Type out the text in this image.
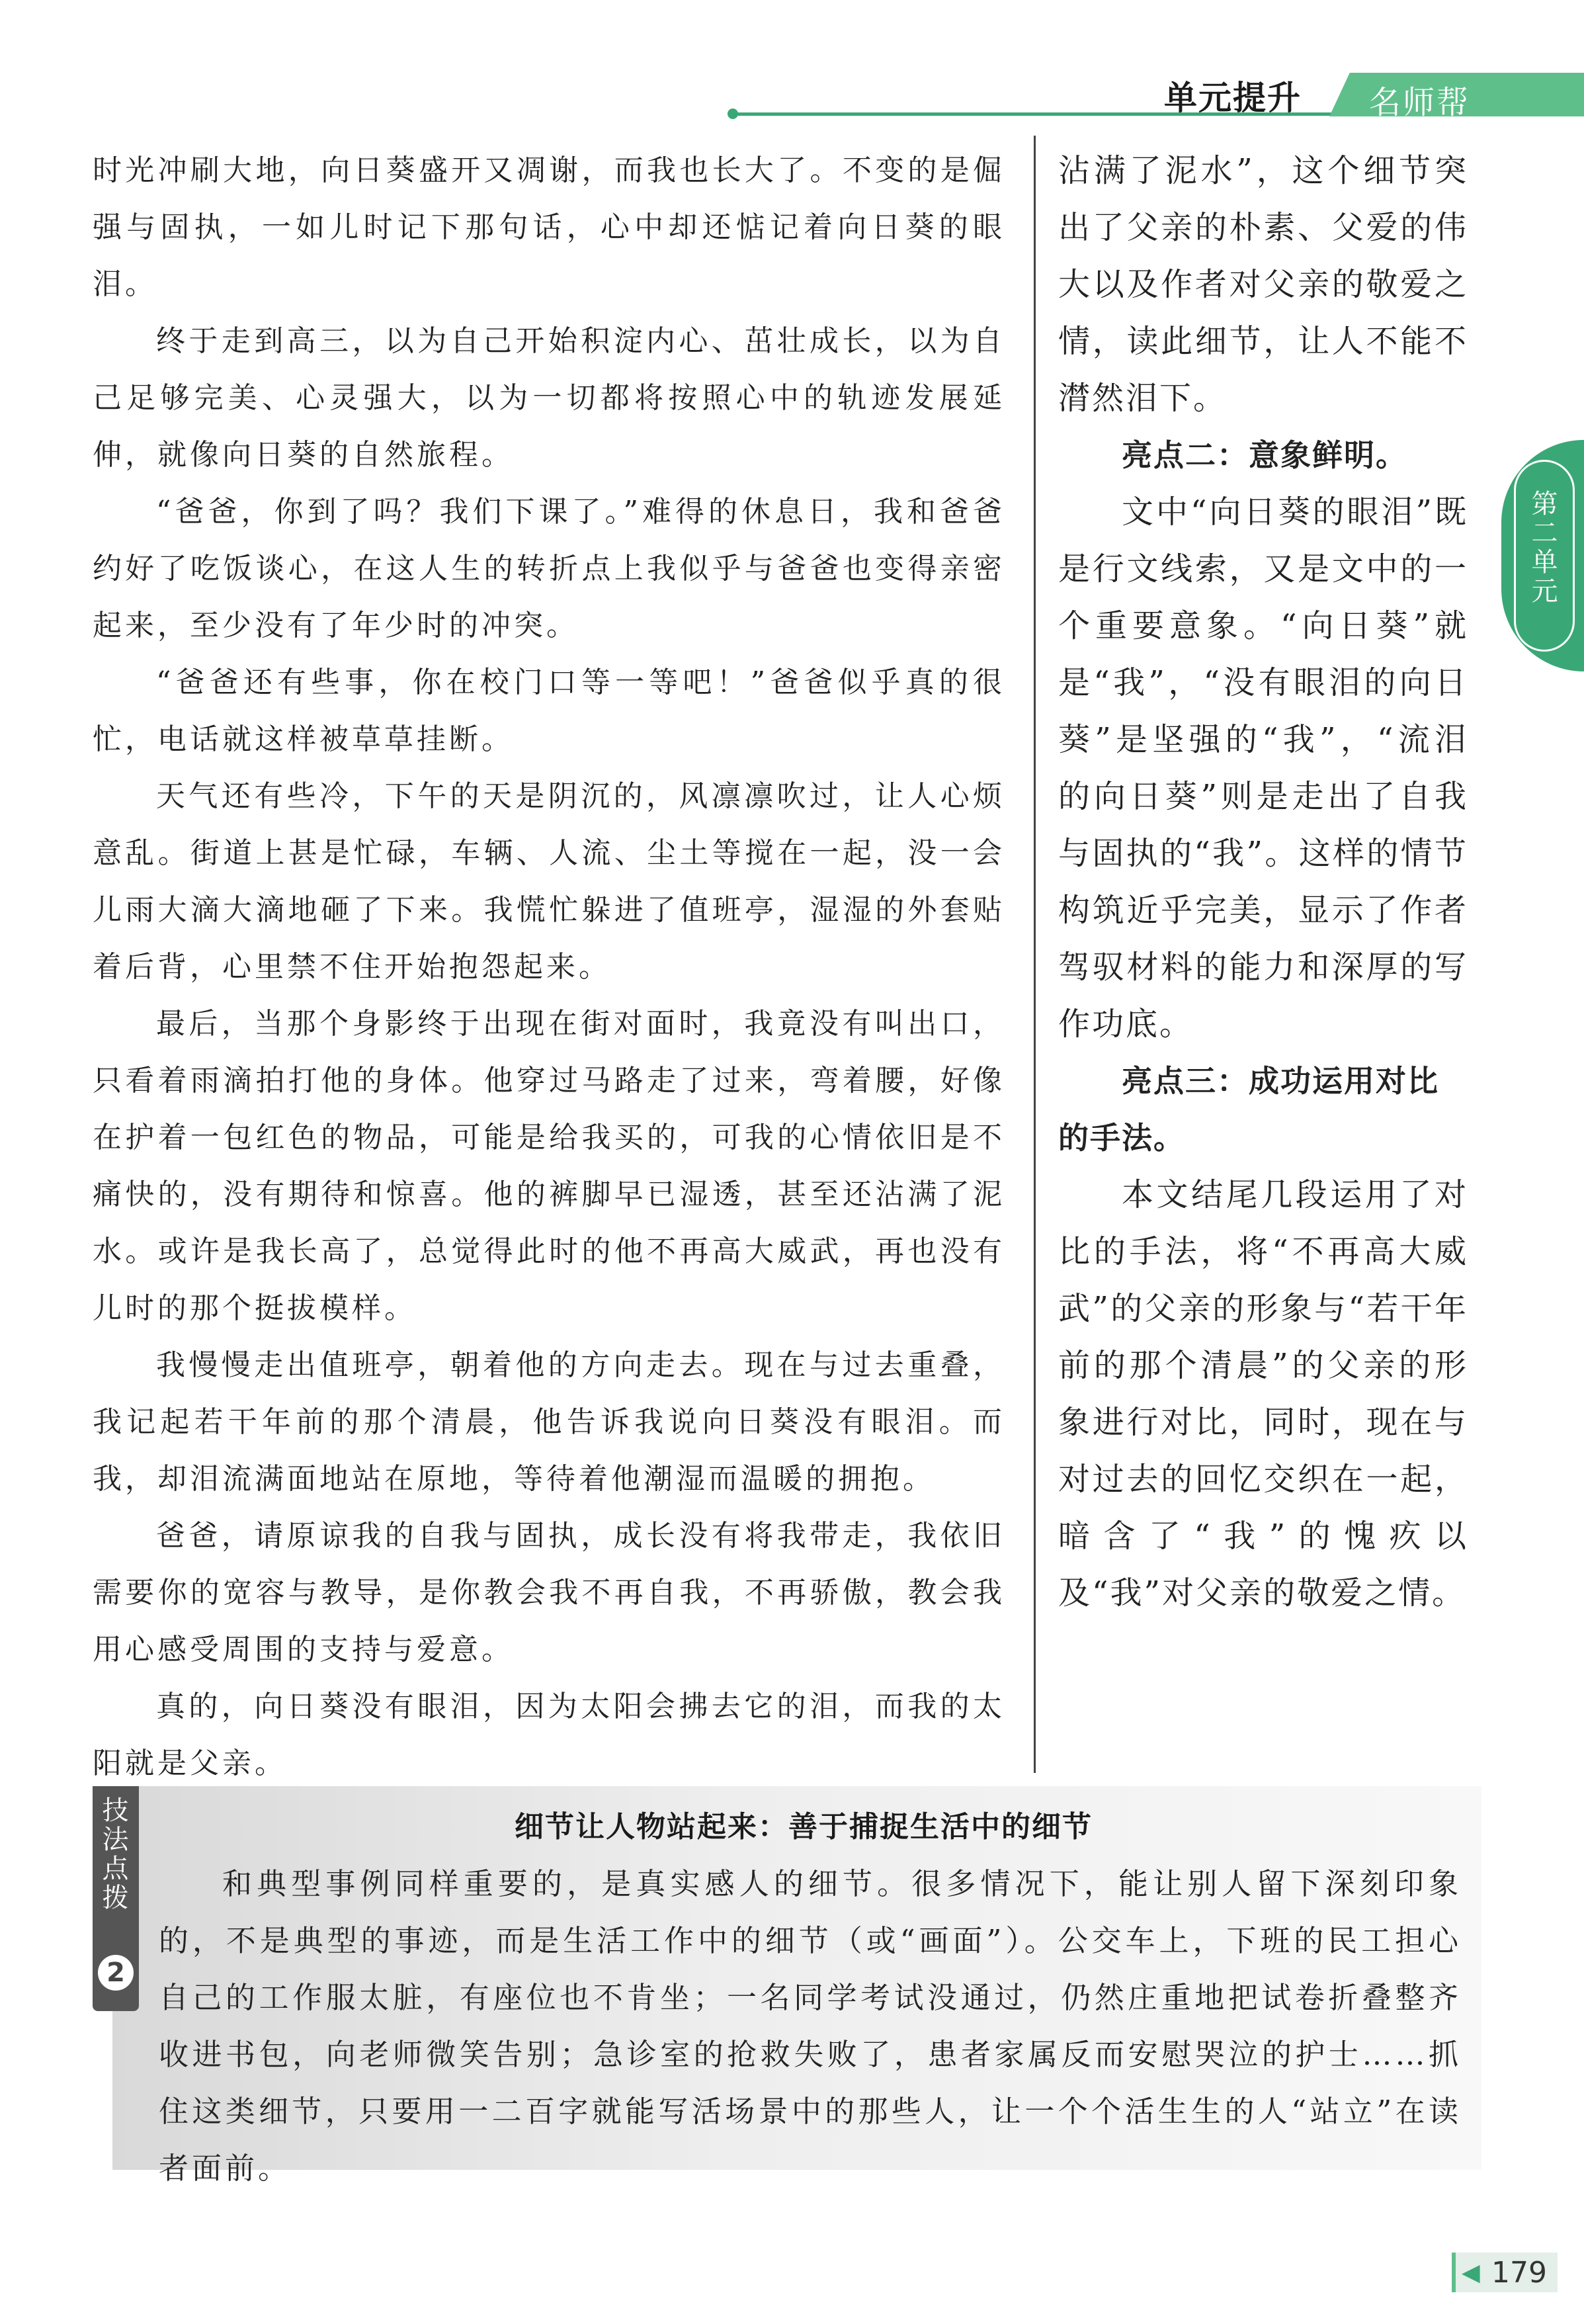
单元提升 名师帮
第二单元

时光冲刷大地，向日葵盛开又凋谢，而我也长大了。不变的是倔强与固执，一如儿时记下那句话，心中却还惦记着向日葵的眼泪。

终于走到高三，以为自己开始积淀内心、茁壮成长，以为自己足够完美、心灵强大，以为一切都将按照心中的轨迹发展延伸，就像向日葵的自然旅程。

“爸爸，你到了吗？我们下课了。”难得的休息日，我和爸爸约好了吃饭谈心，在这人生的转折点上我似乎与爸爸也变得亲密起来，至少没有了年少时的冲突。

“爸爸还有些事，你在校门口等一等吧！”爸爸似乎真的很忙，电话就这样被草草挂断。

天气还有些冷，下午的天是阴沉的，风凛凛吹过，让人心烦意乱。街道上甚是忙碌，车辆、人流、尘土等搅在一起，没一会儿雨大滴大滴地砸了下来。我慌忙躲进了值班亭，湿湿的外套贴着后背，心里禁不住开始抱怨起来。

最后，当那个身影终于出现在街对面时，我竟没有叫出口，只看着雨滴拍打他的身体。他穿过马路走了过来，弯着腰，好像在护着一包红色的物品，可能是给我买的，可我的心情依旧是不痛快的，没有期待和惊喜。他的裤脚早已湿透，甚至还沾满了泥水。或许是我长高了，总觉得此时的他不再高大威武，再也没有儿时的那个挺拔模样。

我慢慢走出值班亭，朝着他的方向走去。现在与过去重叠，我记起若干年前的那个清晨，他告诉我说向日葵没有眼泪。而我，却泪流满面地站在原地，等待着他潮湿而温暖的拥抱。

爸爸，请原谅我的自我与固执，成长没有将我带走，我依旧需要你的宽容与教导，是你教会我不再自我，不再骄傲，教会我用心感受周围的支持与爱意。

真的，向日葵没有眼泪，因为太阳会拂去它的泪，而我的太阳就是父亲。

沾满了泥水”，这个细节突出了父亲的朴素、父爱的伟大以及作者对父亲的敬爱之情，读此细节，让人不能不潸然泪下。

亮点二：意象鲜明。

文中“向日葵的眼泪”既是行文线索，又是文中的一个重要意象。“向日葵”就是“我”，“没有眼泪的向日葵”是坚强的“我”，“流泪的向日葵”则是走出了自我与固执的“我”。这样的情节构筑近乎完美，显示了作者驾驭材料的能力和深厚的写作功底。

亮点三：成功运用对比的手法。

本文结尾几段运用了对比的手法，将“不再高大威武”的父亲的形象与“若干年前的那个清晨”的父亲的形象进行对比，同时，现在与对过去的回忆交织在一起，暗含了“我”的愧疚以及“我”对父亲的敬爱之情。

技法点拨
2
细节让人物站起来：善于捕捉生活中的细节

和典型事例同样重要的，是真实感人的细节。很多情况下，能让别人留下深刻印象的，不是典型的事迹，而是生活工作中的细节（或“画面”）。公交车上，下班的民工担心自己的工作服太脏，有座位也不肯坐；一名同学考试没通过，仍然庄重地把试卷折叠整齐收进书包，向老师微笑告别；急诊室的抢救失败了，患者家属反而安慰哭泣的护士……抓住这类细节，只要用一二百字就能写活场景中的那些人，让一个个活生生的人“站立”在读者面前。

◀ 179
